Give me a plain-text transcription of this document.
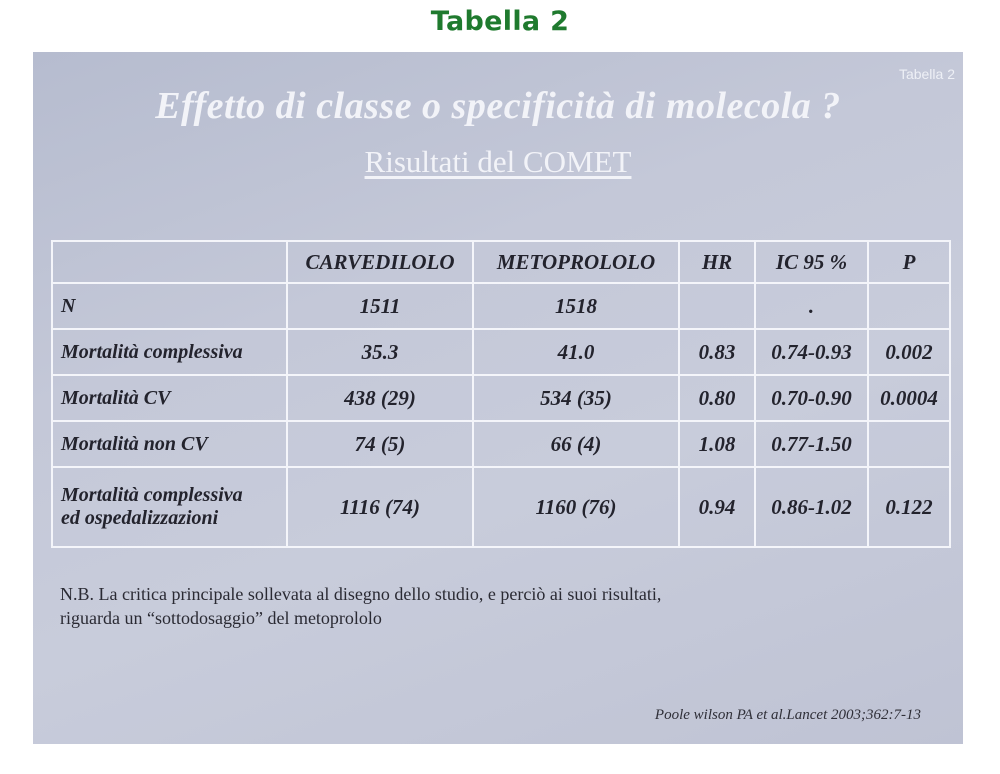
Tabella 2
Tabella 2
Effetto di classe o specificità di molecola ?
Risultati del COMET
	CARVEDILOLO	METOPROLOLO	HR	IC 95 %	P
N	1511	1518		.	
Mortalità complessiva	35.3	41.0	0.83	0.74-0.93	0.002
Mortalità CV	438 (29)	534 (35)	0.80	0.70-0.90	0.0004
Mortalità non CV	74 (5)	66 (4)	1.08	0.77-1.50	
Mortalità complessiva
ed ospedalizzazioni	1116 (74)	1160 (76)	0.94	0.86-1.02	0.122
N.B. La critica principale sollevata al disegno dello studio, e perciò ai suoi risultati,
riguarda un “sottodosaggio” del metoprololo
Poole wilson PA et al.Lancet 2003;362:7-13
